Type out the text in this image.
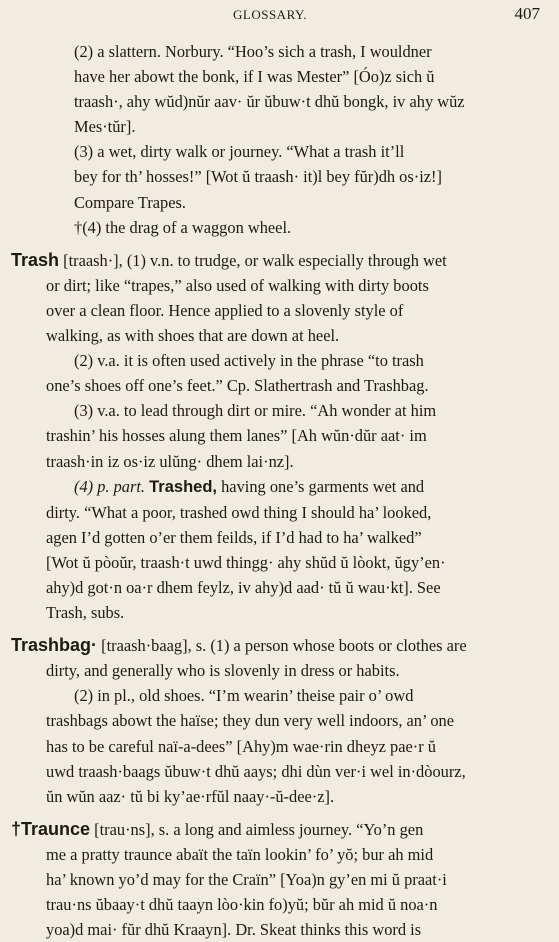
GLOSSARY.	407

(2) a slattern. Norbury. “Hoo’s sich a trash, I wouldner
have her abowt the bonk, if I was Mester” [Óo)z sich ŭ
traash·, ahy wŭd)nŭr aav· ŭr ŭbuw·t dhŭ bongk, iv ahy wŭz
Mes·tŭr].

(3) a wet, dirty walk or journey. “What a trash it’ll
bey for th’ hosses!” [Wot ŭ traash· it)l bey fŭr)dh os·iz!]
Compare Trapes.

†(4) the drag of a waggon wheel.

Trash [traash·], (1) v.n. to trudge, or walk especially through wet
or dirt; like “trapes,” also used of walking with dirty boots
over a clean floor. Hence applied to a slovenly style of
walking, as with shoes that are down at heel.

(2) v.a. it is often used actively in the phrase “to trash
one’s shoes off one’s feet.” Cp. Slathertrash and Trashbag.

(3) v.a. to lead through dirt or mire. “Ah wonder at him
trashin’ his hosses alung them lanes” [Ah wŭn·dŭr aat· im
traash·in iz os·iz ulŭng· dhem lai·nz].

(4) p. part. Trashed, having one’s garments wet and
dirty. “What a poor, trashed owd thing I should ha’ looked,
agen I’d gotten o’er them feilds, if I’d had to ha’ walked”
[Wot ŭ pòoŭr, traash·t uwd thingg· ahy shŭd ŭ lòokt, ŭgy’en·
ahy)d got·n oa·r dhem feylz, iv ahy)d aad· tŭ ŭ wau·kt]. See
Trash, subs.

Trashbag· [traash·baag], s. (1) a person whose boots or clothes are
dirty, and generally who is slovenly in dress or habits.

(2) in pl., old shoes. “I’m wearin’ theise pair o’ owd
trashbags abowt the haïse; they dun very well indoors, an’ one
has to be careful naï-a-dees” [Ahy)m wae·rin dheyz pae·r ŭ
uwd traash·baags ŭbuw·t dhŭ aays; dhi dùn ver·i wel in·dòourz,
ŭn wŭn aaz· tŭ bi ky’ae·rfŭl naay·-ŭ-dee·z].

†Traunce [trau·ns], s. a long and aimless journey. “Yo’n gen
me a pratty traunce abaït the taïn lookin’ fo’ yŏ; bur ah mid
ha’ known yo’d may for the Craïn” [Yoa)n gy’en mi ŭ praat·i
trau·ns ŭbaay·t dhŭ taayn lòo·kin fo)yŭ; bŭr ah mid ŭ noa·n
yoa)d mai· fŭr dhŭ Kraayn]. Dr. Skeat thinks this word is
